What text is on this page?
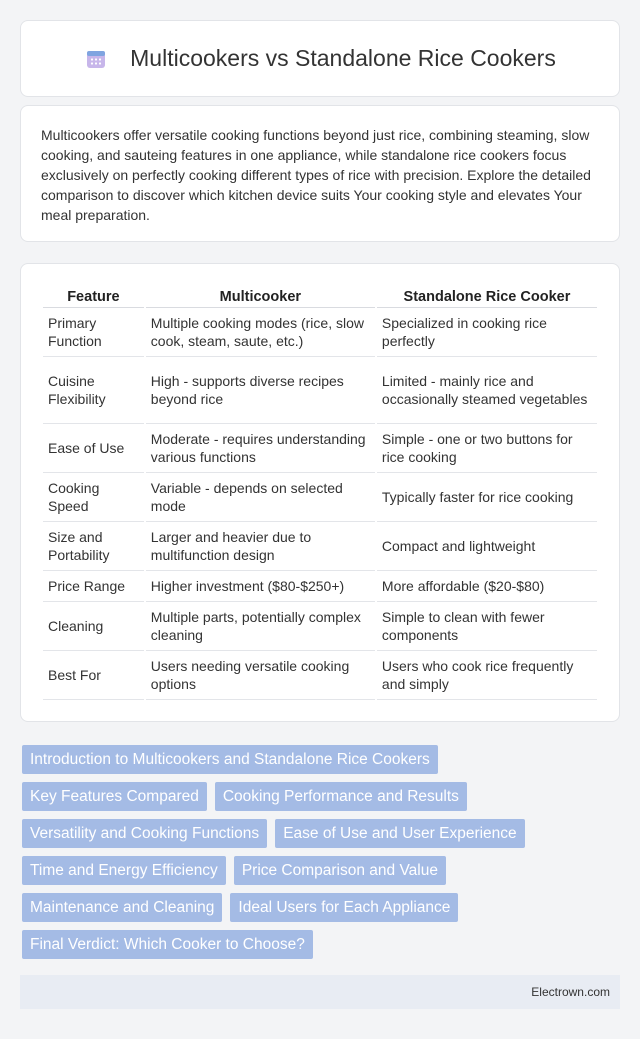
Multicookers vs Standalone Rice Cookers

Multicookers offer versatile cooking functions beyond just rice, combining steaming, slow cooking, and sauteing features in one appliance, while standalone rice cookers focus exclusively on perfectly cooking different types of rice with precision. Explore the detailed comparison to discover which kitchen device suits Your cooking style and elevates Your meal preparation.

Feature	Multicooker	Standalone Rice Cooker
Primary Function	Multiple cooking modes (rice, slow cook, steam, saute, etc.)	Specialized in cooking rice perfectly
Cuisine Flexibility	High - supports diverse recipes beyond rice	Limited - mainly rice and occasionally steamed vegetables
Ease of Use	Moderate - requires understanding various functions	Simple - one or two buttons for rice cooking
Cooking Speed	Variable - depends on selected mode	Typically faster for rice cooking
Size and Portability	Larger and heavier due to multifunction design	Compact and lightweight
Price Range	Higher investment ($80-$250+)	More affordable ($20-$80)
Cleaning	Multiple parts, potentially complex cleaning	Simple to clean with fewer components
Best For	Users needing versatile cooking options	Users who cook rice frequently and simply
Introduction to Multicookers and Standalone Rice Cookers
Key Features Compared	Cooking Performance and Results
Versatility and Cooking Functions	Ease of Use and User Experience
Time and Energy Efficiency	Price Comparison and Value
Maintenance and Cleaning	Ideal Users for Each Appliance
Final Verdict: Which Cooker to Choose?
Electrown.com
